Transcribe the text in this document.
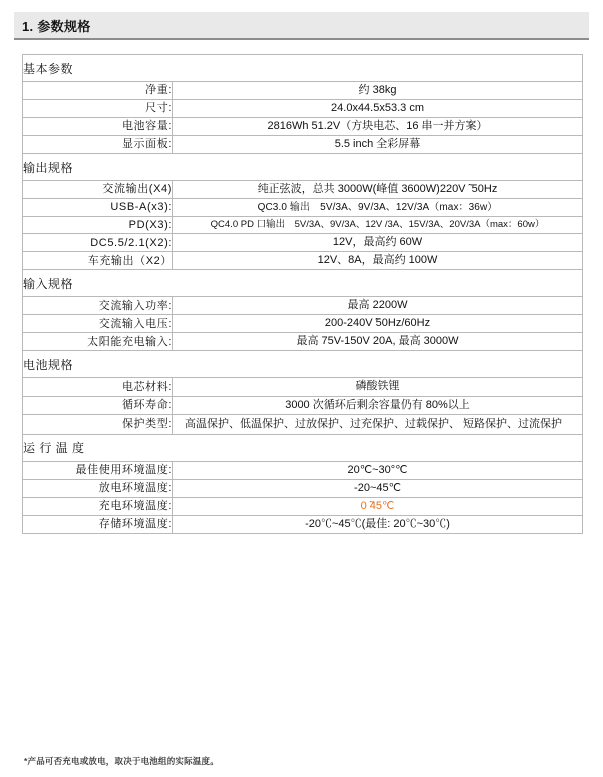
1. 参数规格
基本参数	
净重:	约 38kg
尺寸:	24.0x44.5x53.3 cm
电池容量:	2816Wh 51.2V（方块电芯、16 串一并方案）
显示面板:	5.5 inch 全彩屏幕
输出规格	
交流输出(X4)	纯正弦波，总共 3000W(峰值 3600W)220V ̃ 50Hz
USB-A(x3):	QC3.0 输出　5V/3A、9V/3A、12V/3A（max：36w）
PD(X3):	QC4.0 PD 口输出　5V/3A、9V/3A、12V /3A、15V/3A、20V/3A（max：60w）
DC5.5/2.1(X2):	12V，最高约 60W
车充输出（X2）	12V、8A，最高约 100W
输入规格	
交流输入功率:	最高 2200W
交流输入电压:	200-240V ̃50Hz/60Hz
太阳能充电输入:	最高 75V-150V 20A, 最高 3000W
电池规格	
电芯材料:	磷酸铁锂
循环寿命:	3000 次循环后剩余容量仍有 80%以上
保护类型:	高温保护、低温保护、过放保护、过充保护、过载保护、 短路保护、过流保护
运 行 温 度	
最佳使用环境温度:	20℃~30°℃
放电环境温度:	-20~45℃
充电环境温度:	0 ̃45℃
存储环境温度:	-20℃~45℃(最佳: 20℃~30℃)
*产品可否充电或放电，取决于电池组的实际温度。
